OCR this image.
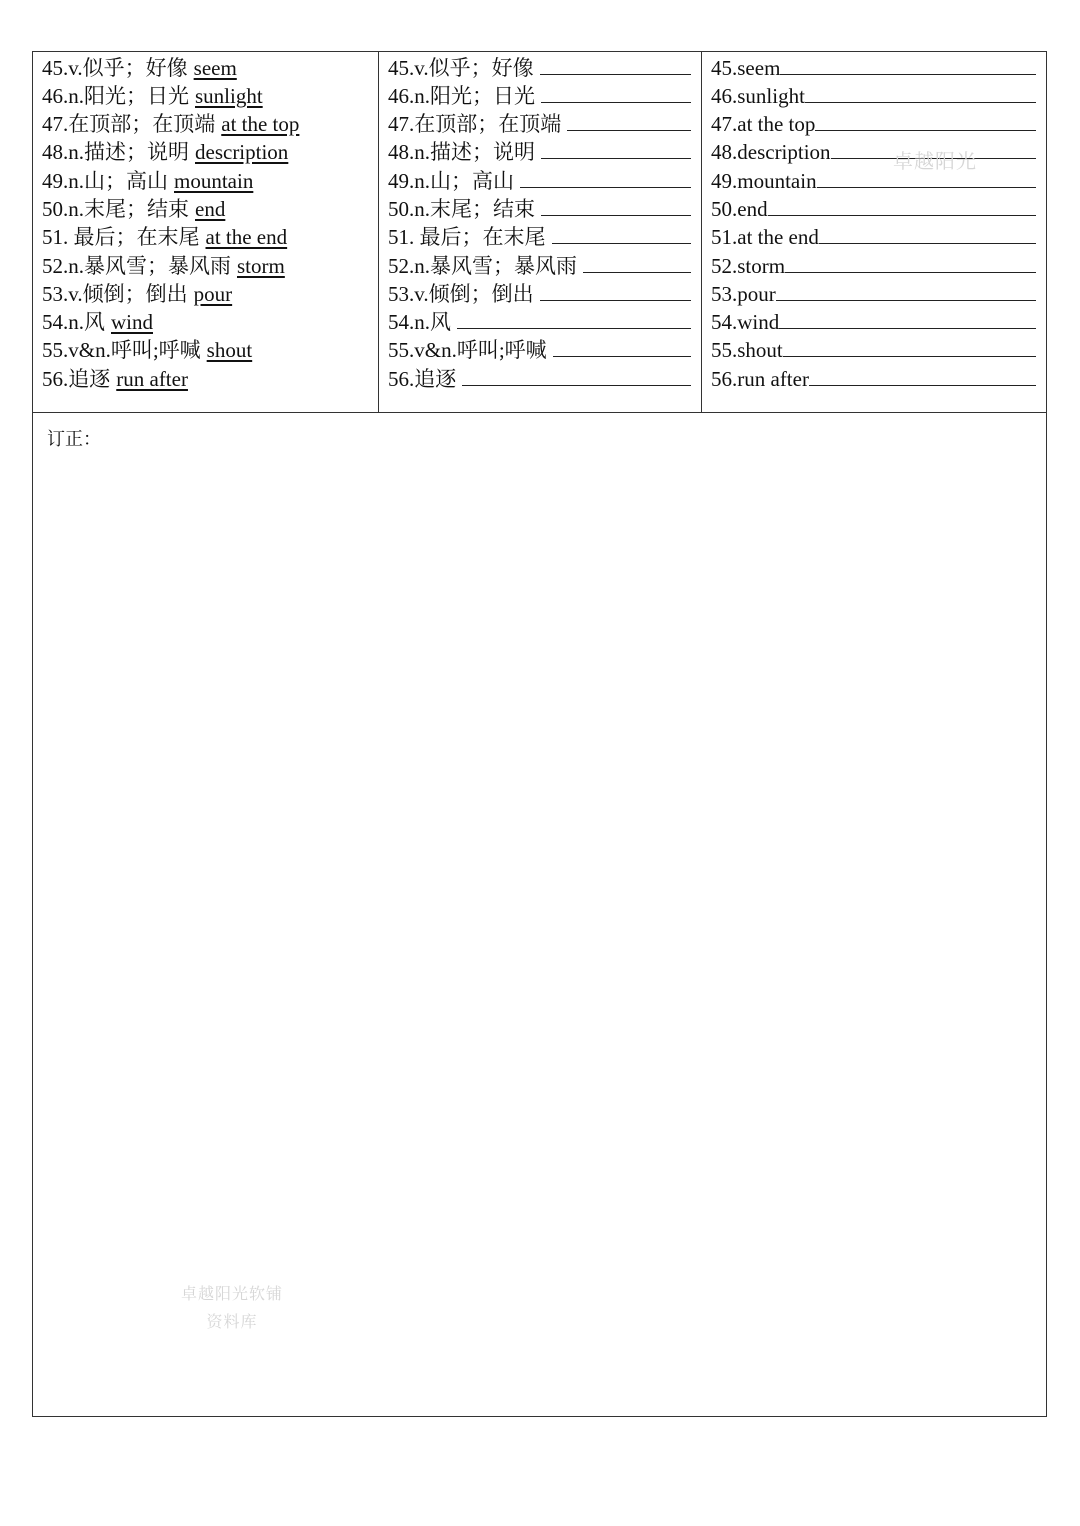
45.v.似乎；好像 seem
46.n.阳光；日光 sunlight
47.在顶部；在顶端 at the top
48.n.描述；说明 description
49.n.山；高山 mountain
50.n.末尾；结束 end
51. 最后；在末尾 at the end
52.n.暴风雪；暴风雨 storm
53.v.倾倒；倒出 pour
54.n.风 wind
55.v&n.呼叫;呼喊 shout
56.追逐 run after
45.v.似乎；好像
46.n.阳光；日光
47.在顶部；在顶端
48.n.描述；说明
49.n.山；高山
50.n.末尾；结束
51. 最后；在末尾
52.n.暴风雪；暴风雨
53.v.倾倒；倒出
54.n.风
55.v&n.呼叫;呼喊
56.追逐
45.seem
46.sunlight
47.at the top
48.description
49.mountain
50.end
51.at the end
52.storm
53.pour
54.wind
55.shout
56.run after
卓越阳光
订正：
卓越阳光软铺
资料库
